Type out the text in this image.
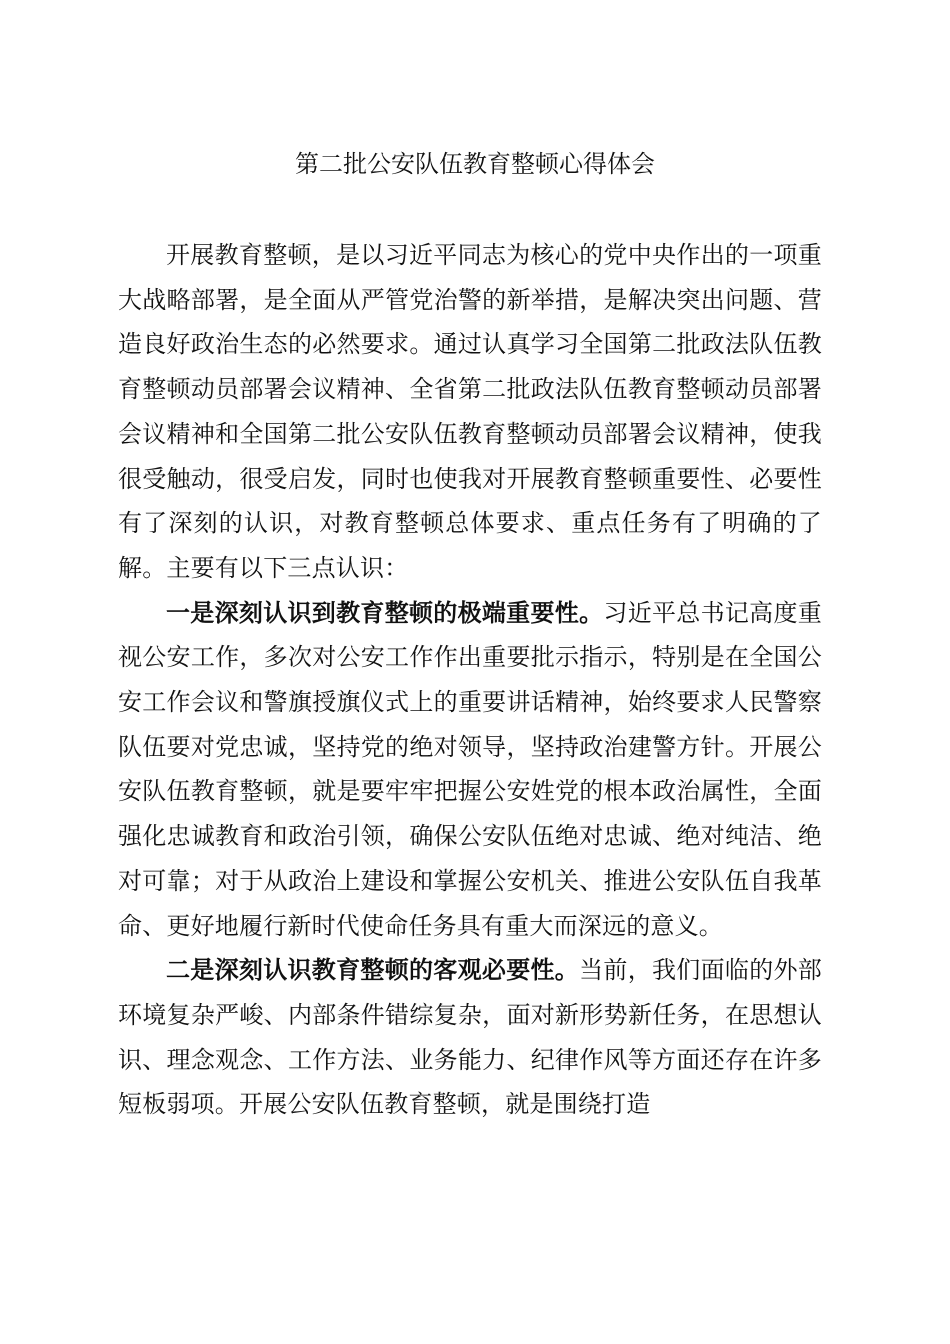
第二批公安队伍教育整顿心得体会

开展教育整顿，是以习近平同志为核心的党中央作出的一项重大战略部署，是全面从严管党治警的新举措，是解决突出问题、营造良好政治生态的必然要求。通过认真学习全国第二批政法队伍教育整顿动员部署会议精神、全省第二批政法队伍教育整顿动员部署会议精神和全国第二批公安队伍教育整顿动员部署会议精神，使我很受触动，很受启发，同时也使我对开展教育整顿重要性、必要性有了深刻的认识，对教育整顿总体要求、重点任务有了明确的了解。主要有以下三点认识：

一是深刻认识到教育整顿的极端重要性。习近平总书记高度重视公安工作，多次对公安工作作出重要批示指示，特别是在全国公安工作会议和警旗授旗仪式上的重要讲话精神，始终要求人民警察队伍要对党忠诚，坚持党的绝对领导，坚持政治建警方针。开展公安队伍教育整顿，就是要牢牢把握公安姓党的根本政治属性，全面强化忠诚教育和政治引领，确保公安队伍绝对忠诚、绝对纯洁、绝对可靠；对于从政治上建设和掌握公安机关、推进公安队伍自我革命、更好地履行新时代使命任务具有重大而深远的意义。

二是深刻认识教育整顿的客观必要性。当前，我们面临的外部环境复杂严峻、内部条件错综复杂，面对新形势新任务，在思想认识、理念观念、工作方法、业务能力、纪律作风等方面还存在许多短板弱项。开展公安队伍教育整顿，就是围绕打造
